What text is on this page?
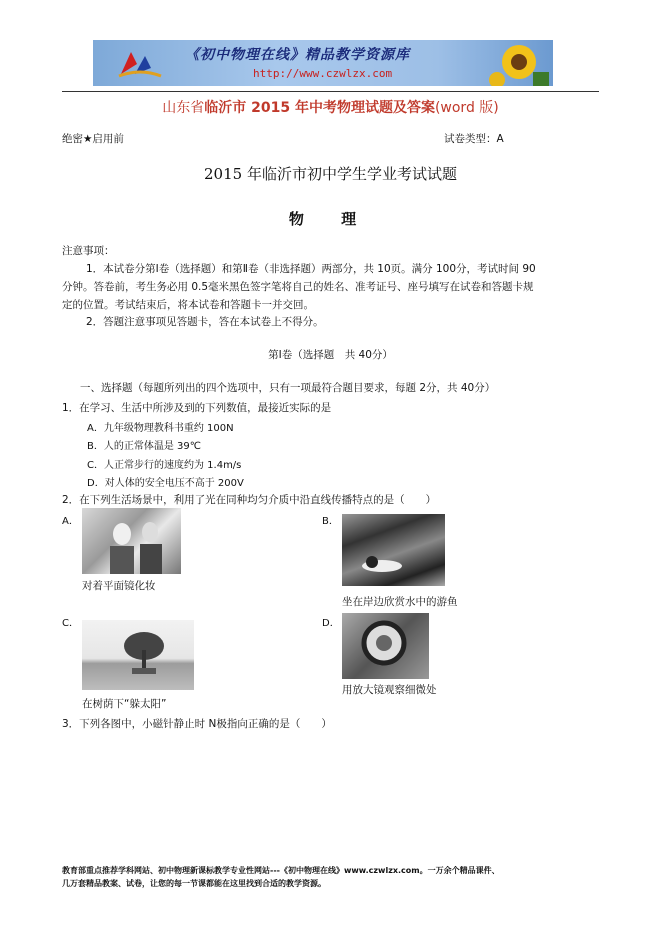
《初中物理在线》精品教学资源库
http://www.czwlzx.com
山东省临沂市 2015 年中考物理试题及答案(word 版)
绝密★启用前	试卷类型：A
2015 年临沂市初中学生学业考试试题
物 理
注意事项：
1．本试卷分第Ⅰ卷（选择题）和第Ⅱ卷（非选择题）两部分，共 10页。满分 100分，考试时间 90
分钟。答卷前，考生务必用 0.5毫米黑色签字笔将自己的姓名、准考证号、座号填写在试卷和答题卡规
定的位置。考试结束后，将本试卷和答题卡一并交回。
2．答题注意事项见答题卡，答在本试卷上不得分。
第Ⅰ卷（选择题　共 40分）
一、选择题（每题所列出的四个选项中，只有一项最符合题目要求，每题 2分，共 40分）
1．在学习、生活中所涉及到的下列数值，最接近实际的是
A．九年级物理教科书重约 100N
B．人的正常体温是 39℃
C．人正常步行的速度约为 1.4m/s
D．对人体的安全电压不高于 200V
2．在下列生活场景中，利用了光在同种均匀介质中沿直线传播特点的是（　　）
A．
对着平面镜化妆
B．
坐在岸边欣赏水中的游鱼
C．
在树荫下“躲太阳”
D．
用放大镜观察细微处
3．下列各图中，小磁针静止时 N极指向正确的是（　　）
教育部重点推荐学科网站、初中物理新课标教学专业性网站---《初中物理在线》www.czwlzx.com。一万余个精品课件、
几万套精品教案、试卷，让您的每一节课都能在这里找到合适的教学资源。
